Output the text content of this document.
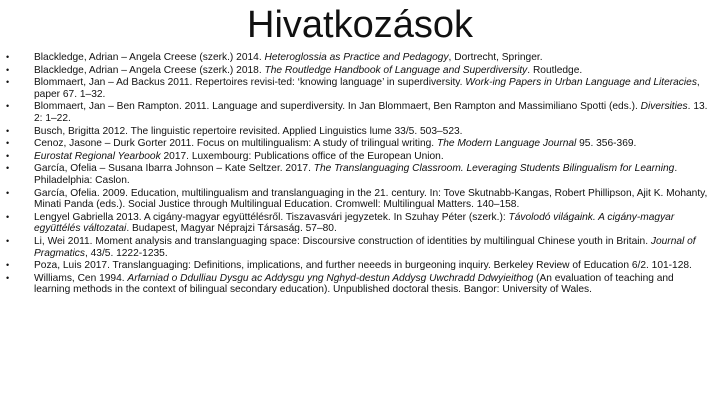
Hivatkozások
• Blackledge, Adrian – Angela Creese (szerk.) 2014. Heteroglossia as Practice and Pedagogy, Dortrecht, Springer.
• Blackledge, Adrian – Angela Creese (szerk.) 2018. The Routledge Handbook of Language and Superdiversity. Routledge.
• Blommaert, Jan – Ad Backus 2011. Repertoires revisi-ted: ‘knowing language’ in superdiversity. Work-ing Papers in Urban Language and Literacies, paper 67. 1–32.
• Blommaert, Jan – Ben Rampton. 2011. Language and superdiversity. In Jan Blommaert, Ben Rampton and Massimiliano Spotti (eds.). Diversities. 13. 2: 1–22.
• Busch, Brigitta 2012. The linguistic repertoire revisited. Applied Linguistics lume 33/5. 503–523.
• Cenoz, Jasone – Durk Gorter 2011. Focus on multilingualism: A study of trilingual writing. The Modern Language Journal 95. 356-369.
• Eurostat Regional Yearbook 2017. Luxembourg: Publications office of the European Union.
• García, Ofelia – Susana Ibarra Johnson – Kate Seltzer. 2017. The Translanguaging Classroom. Leveraging Students Bilingualism for Learning. Philadelphia: Caslon.
• García, Ofelia. 2009. Education, multilingualism and translanguaging in the 21. century. In: Tove Skutnabb-Kangas, Robert Phillipson, Ajit K. Mohanty, Minati Panda (eds.). Social Justice through Multilingual Education. Cromwell: Multilingual Matters. 140–158.
• Lengyel Gabriella 2013. A cigány-magyar együttélésről. Tiszavasvári jegyzetek. In Szuhay Péter (szerk.): Távolodó világaink. A cigány-magyar együttélés változatai. Budapest, Magyar Néprajzi Társaság. 57–80.
• Li, Wei 2011. Moment analysis and translanguaging space: Discoursive construction of identities by multilingual Chinese youth in Britain. Journal of Pragmatics, 43/5. 1222-1235.
• Poza, Luis 2017. Translanguaging: Definitions, implications, and further neeeds in burgeoning inquiry. Berkeley Review of Education 6/2. 101-128.
• Williams, Cen 1994. Arfarniad o Ddulliau Dysgu ac Addysgu yng Nghyd-destun Addysg Uwchradd Ddwyieithog (An evaluation of teaching and learning methods in the context of bilingual secondary education). Unpublished doctoral thesis. Bangor: University of Wales.
